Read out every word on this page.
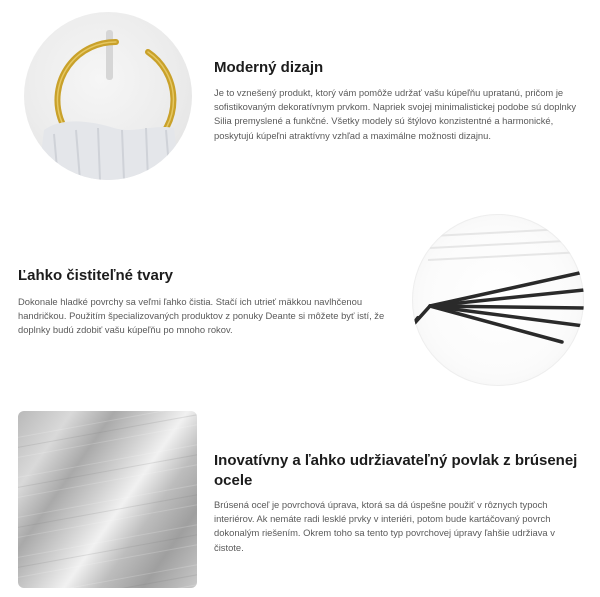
Moderný dizajn

Je to vznešený produkt, ktorý vám pomôže udržať vašu kúpeľňu upratanú, pričom je sofistikovaným dekoratívnym prvkom. Napriek svojej minimalistickej podobe sú doplnky Silia premyslené a funkčné. Všetky modely sú štýlovo konzistentné a harmonické, poskytujú kúpeľni atraktívny vzhľad a maximálne možnosti dizajnu.

Ľahko čistiteľné tvary

Dokonale hladké povrchy sa veľmi ľahko čistia. Stačí ich utrieť mäkkou navlhčenou handričkou. Použitím špecializovaných produktov z ponuky Deante si môžete byť istí, že doplnky budú zdobiť vašu kúpeľňu po mnoho rokov.

Inovatívny a ľahko udržiavateľný povlak z brúsenej ocele

Brúsená oceľ je povrchová úprava, ktorá sa dá úspešne použiť v rôznych typoch interiérov. Ak nemáte radi lesklé prvky v interiéri, potom bude kartáčovaný povrch dokonalým riešením. Okrem toho sa tento typ povrchovej úpravy ľahšie udržiava v čistote.
